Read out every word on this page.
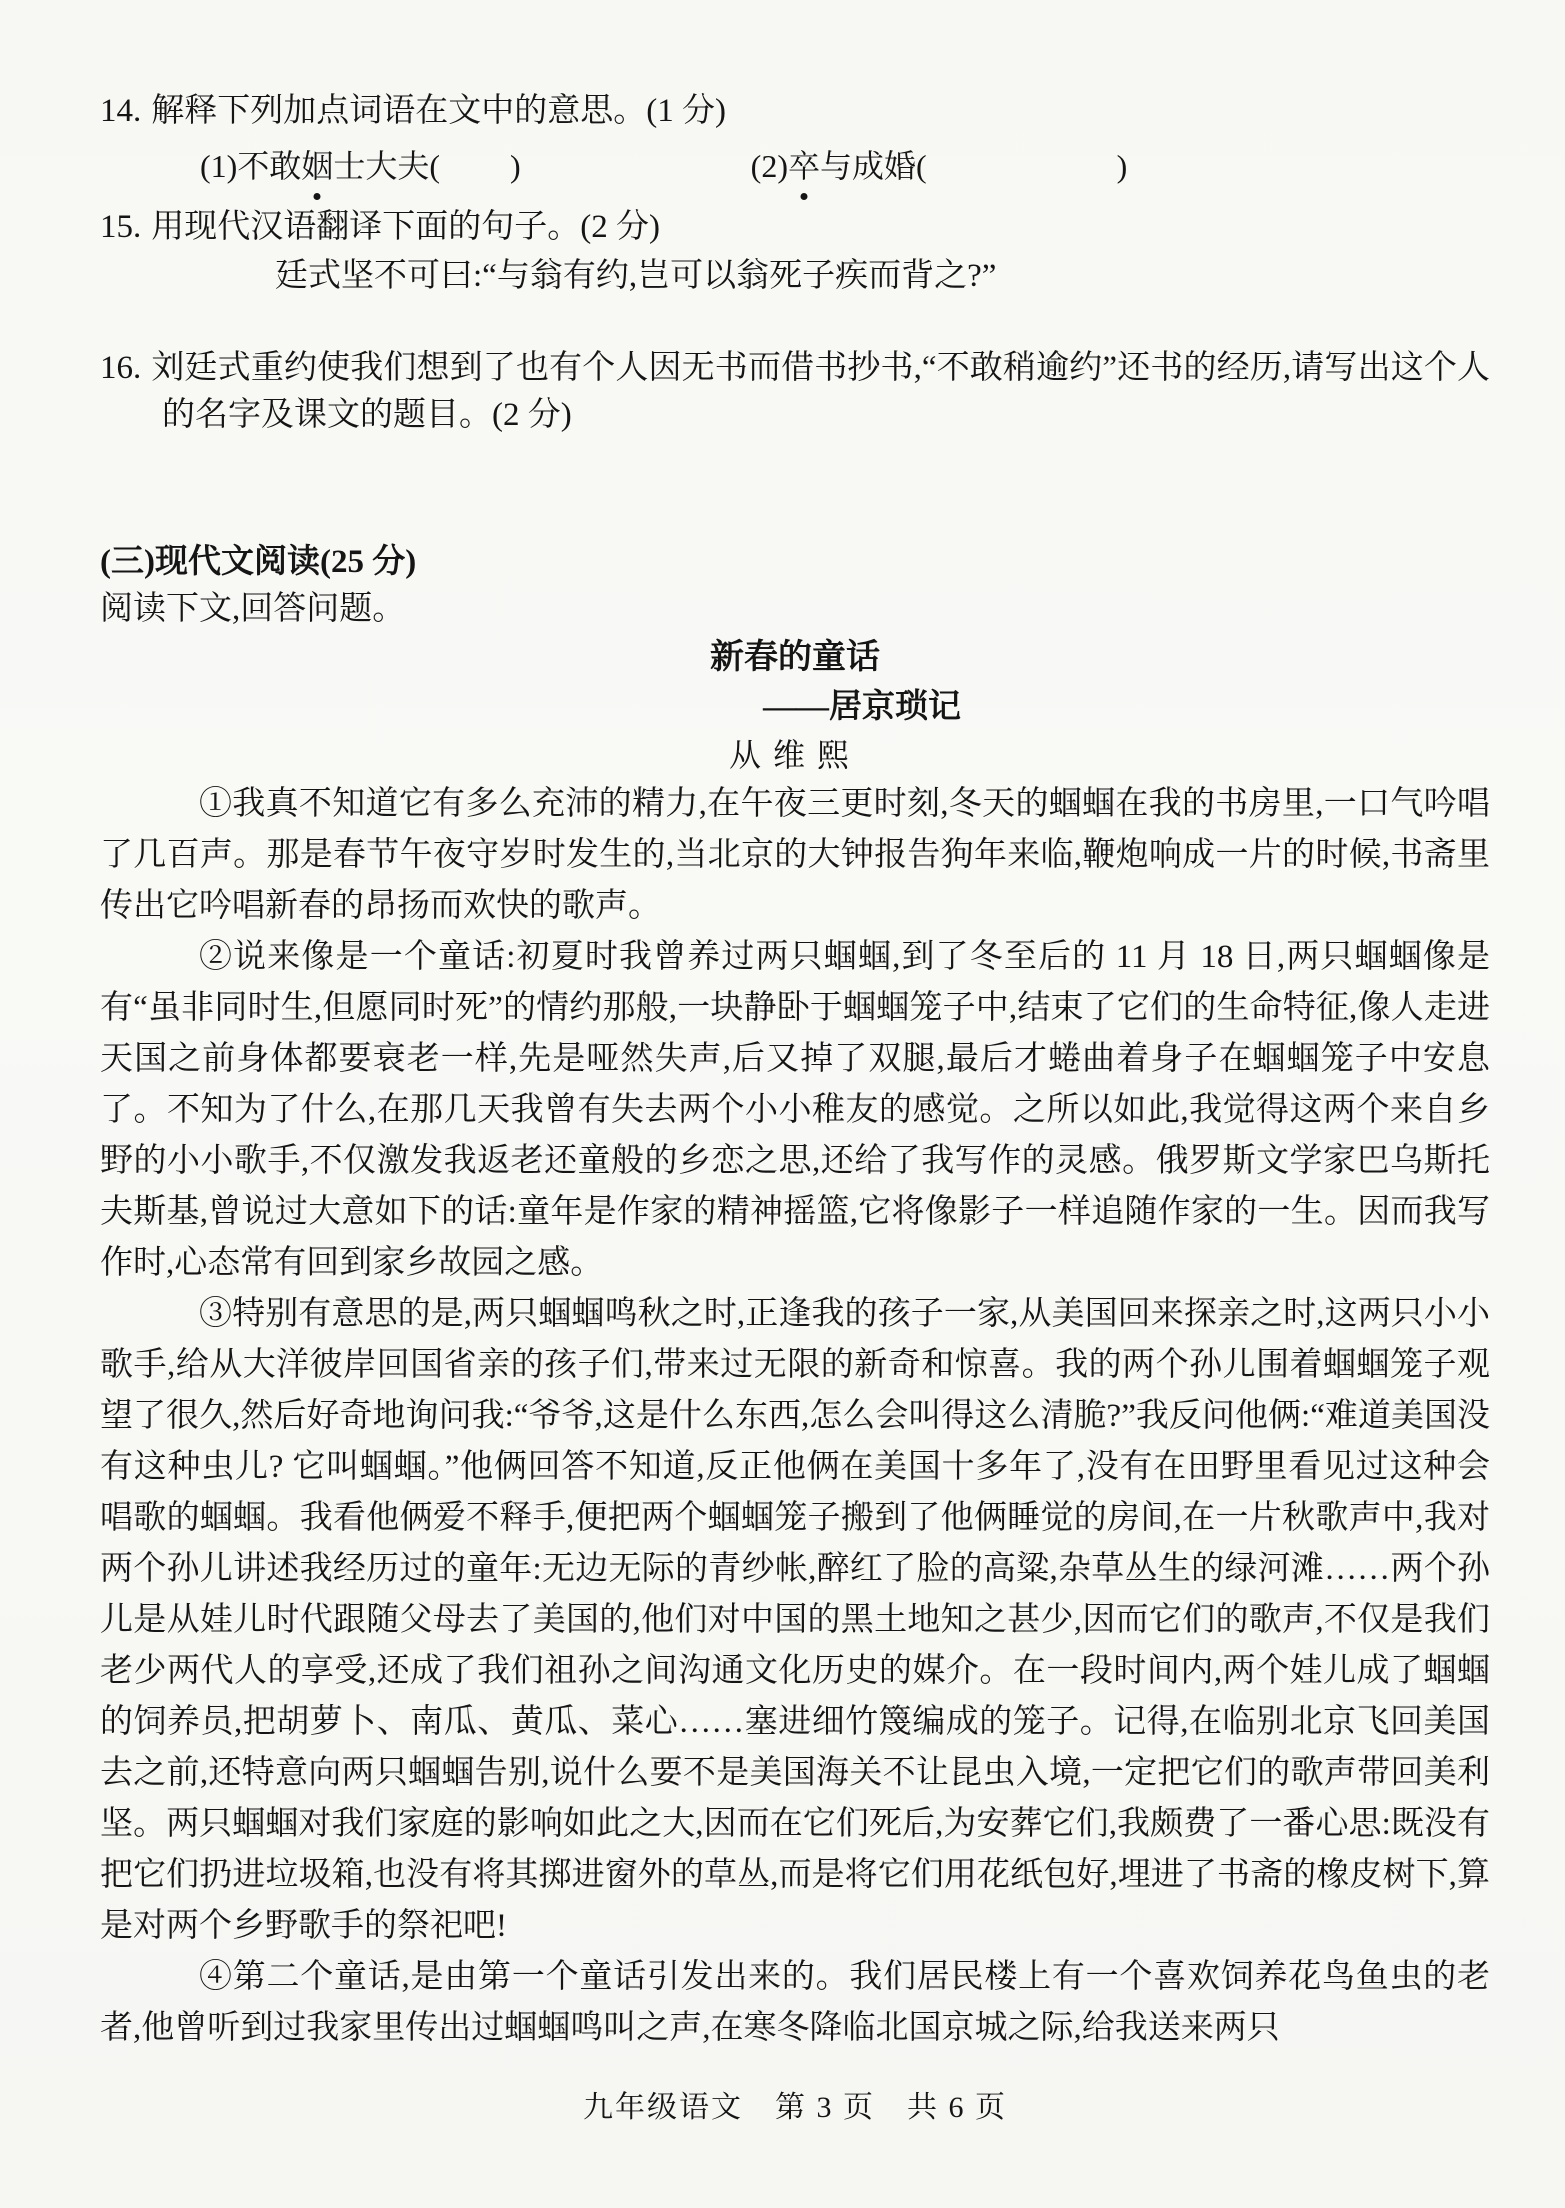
14. 解释下列加点词语在文中的意思。(1 分)
(1)不敢姻士大夫( )	(2)卒与成婚(	)
15. 用现代汉语翻译下面的句子。(2 分)
廷式坚不可曰:“与翁有约,岂可以翁死子疾而背之?”
16. 刘廷式重约使我们想到了也有个人因无书而借书抄书,“不敢稍逾约”还书的经历,请写出这个人的名字及课文的题目。(2 分)
(三)现代文阅读(25 分)
阅读下文,回答问题。
新春的童话
——居京琐记
从维熙

①我真不知道它有多么充沛的精力,在午夜三更时刻,冬天的蝈蝈在我的书房里,一口气吟唱了几百声。那是春节午夜守岁时发生的,当北京的大钟报告狗年来临,鞭炮响成一片的时候,书斋里传出它吟唱新春的昂扬而欢快的歌声。

②说来像是一个童话:初夏时我曾养过两只蝈蝈,到了冬至后的 11 月 18 日,两只蝈蝈像是有“虽非同时生,但愿同时死”的情约那般,一块静卧于蝈蝈笼子中,结束了它们的生命特征,像人走进天国之前身体都要衰老一样,先是哑然失声,后又掉了双腿,最后才蜷曲着身子在蝈蝈笼子中安息了。不知为了什么,在那几天我曾有失去两个小小稚友的感觉。之所以如此,我觉得这两个来自乡野的小小歌手,不仅激发我返老还童般的乡恋之思,还给了我写作的灵感。俄罗斯文学家巴乌斯托夫斯基,曾说过大意如下的话:童年是作家的精神摇篮,它将像影子一样追随作家的一生。因而我写作时,心态常有回到家乡故园之感。

③特别有意思的是,两只蝈蝈鸣秋之时,正逢我的孩子一家,从美国回来探亲之时,这两只小小歌手,给从大洋彼岸回国省亲的孩子们,带来过无限的新奇和惊喜。我的两个孙儿围着蝈蝈笼子观望了很久,然后好奇地询问我:“爷爷,这是什么东西,怎么会叫得这么清脆?”我反问他俩:“难道美国没有这种虫儿? 它叫蝈蝈。”他俩回答不知道,反正他俩在美国十多年了,没有在田野里看见过这种会唱歌的蝈蝈。我看他俩爱不释手,便把两个蝈蝈笼子搬到了他俩睡觉的房间,在一片秋歌声中,我对两个孙儿讲述我经历过的童年:无边无际的青纱帐,醉红了脸的高粱,杂草丛生的绿河滩……两个孙儿是从娃儿时代跟随父母去了美国的,他们对中国的黑土地知之甚少,因而它们的歌声,不仅是我们老少两代人的享受,还成了我们祖孙之间沟通文化历史的媒介。在一段时间内,两个娃儿成了蝈蝈的饲养员,把胡萝卜、南瓜、黄瓜、菜心……塞进细竹篾编成的笼子。记得,在临别北京飞回美国去之前,还特意向两只蝈蝈告别,说什么要不是美国海关不让昆虫入境,一定把它们的歌声带回美利坚。两只蝈蝈对我们家庭的影响如此之大,因而在它们死后,为安葬它们,我颇费了一番心思:既没有把它们扔进垃圾箱,也没有将其掷进窗外的草丛,而是将它们用花纸包好,埋进了书斋的橡皮树下,算是对两个乡野歌手的祭祀吧!

④第二个童话,是由第一个童话引发出来的。我们居民楼上有一个喜欢饲养花鸟鱼虫的老者,他曾听到过我家里传出过蝈蝈鸣叫之声,在寒冬降临北国京城之际,给我送来两只

九年级语文　第 3 页　共 6 页
